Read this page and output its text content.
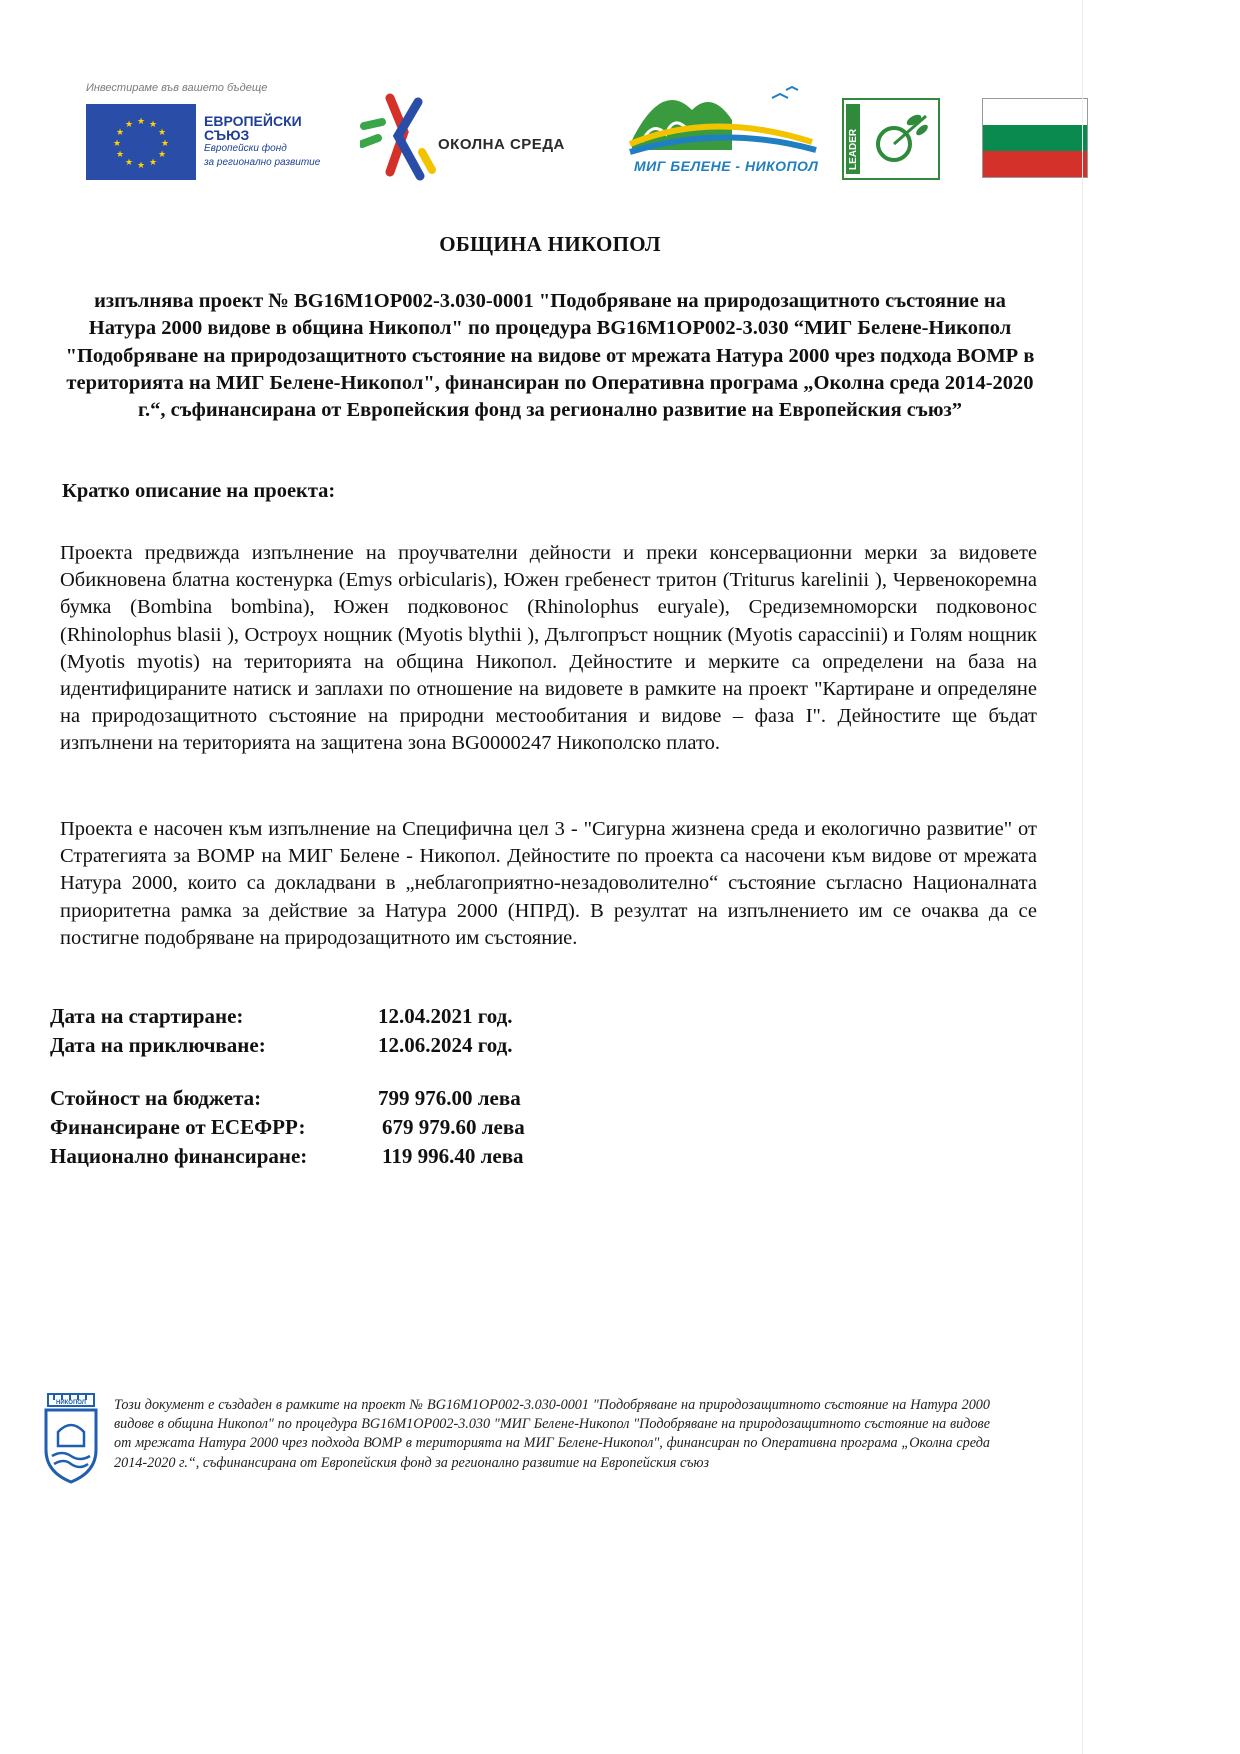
Инвестираме във вашето бъдеще
★ ★
★
★
★
★
★
★
★
★
★
★	ЕВРОПЕЙСКИ
СЪЮЗ
Европейски фонд
за регионално развитие
ОКОЛНА СРЕДА
МИГ БЕЛЕНЕ - НИКОПОЛ	LEADER
ОБЩИНА НИКОПОЛ
изпълнява проект № BG16M1OP002-3.030-0001 "Подобряване на природозащитното състояние на Натура 2000 видове в община Никопол" по процедура BG16M1OP002-3.030 “МИГ Белене-Никопол "Подобряване на природозащитното състояние на видове от мрежата Натура 2000 чрез подхода ВОМР в територията на МИГ Белене-Никопол", финансиран по Оперативна програма „Околна среда 2014-2020 г.“, съфинансирана от Европейския фонд за регионално развитие на Европейския съюз”
Кратко описание на проекта:
Проекта предвижда изпълнение на проучвателни дейности и преки консервационни мерки за видовете Обикновена блатна костенурка (Emys orbicularis), Южен гребенест тритон (Triturus karelinii ), Червенокоремна бумка (Bombina bombina), Южен подковонос (Rhinolophus euryale), Средиземноморски подковонос (Rhinolophus blasii ), Остроух нощник (Myotis blythii ), Дългопръст нощник (Myotis capaccinii) и Голям нощник (Myotis myotis) на територията на община Никопол. Дейностите и мерките са определени на база на идентифицираните натиск и заплахи по отношение на видовете в рамките на проект "Картиране и определяне на природозащитното състояние на природни местообитания и видове – фаза I". Дейностите ще бъдат изпълнени на територията на защитена зона BG0000247 Никополско плато.
Проекта е насочен към изпълнение на Специфична цел 3 - "Сигурна жизнена среда и екологично развитие" от Стратегията за ВОМР на МИГ Белене - Никопол. Дейностите по проекта са насочени към видове от мрежата Натура 2000, които са докладвани в „неблагоприятно-незадоволително“ състояние съгласно Националната приоритетна рамка за действие за Натура 2000 (НПРД). В резултат на изпълнението им се очаква да се постигне подобряване на природозащитното им състояние.
Дата на стартиране:	12.04.2021 год.
Дата на приключване:	12.06.2024 год.
Стойност на бюджета:	799 976.00 лева
Финансиране от ЕСЕФРР:	679 979.60 лева
Национално финансиране:	119 996.40 лева
НИКОПОЛ Този документ е създаден в рамките на проект № BG16M1OP002-3.030-0001 "Подобряване на природозащитното състояние на Натура 2000 видове в община Никопол" по процедура BG16M1OP002-3.030 "МИГ Белене-Никопол "Подобряване на природозащитното състояние на видове от мрежата Натура 2000 чрез подхода ВОМР в територията на МИГ Белене-Никопол", финансиран по Оперативна програма „Околна среда 2014-2020 г.“, съфинансирана от Европейския фонд за регионално развитие на Европейския съюз
